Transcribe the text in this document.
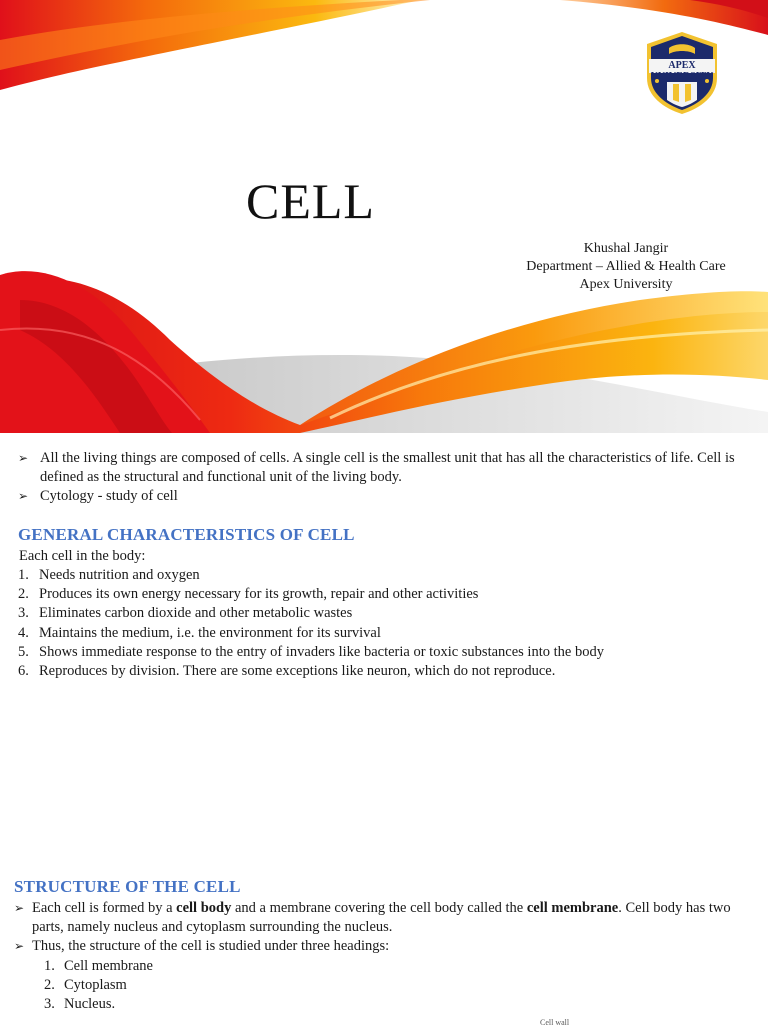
CELL
Khushal Jangir
Department – Allied & Health Care
Apex University
APEX UNIVERSITY
➢ All the living things are composed of cells. A single cell is the smallest unit that has all the characteristics of life. Cell is defined as the structural and functional unit of the living body.
➢ Cytology - study of cell
GENERAL CHARACTERISTICS OF CELL
Each cell in the body:
1. Needs nutrition and oxygen
2. Produces its own energy necessary for its growth, repair and other activities
3. Eliminates carbon dioxide and other metabolic wastes
4. Maintains the medium, i.e. the environment for its survival
5. Shows immediate response to the entry of invaders like bacteria or toxic substances into the body
6. Reproduces by division. There are some exceptions like neuron, which do not reproduce.
STRUCTURE OF THE CELL
➢ Each cell is formed by a cell body and a membrane covering the cell body called the cell membrane. Cell body has two parts, namely nucleus and cytoplasm surrounding the nucleus.
➢ Thus, the structure of the cell is studied under three headings:
1. Cell membrane
2. Cytoplasm
3. Nucleus.
Cell wall
